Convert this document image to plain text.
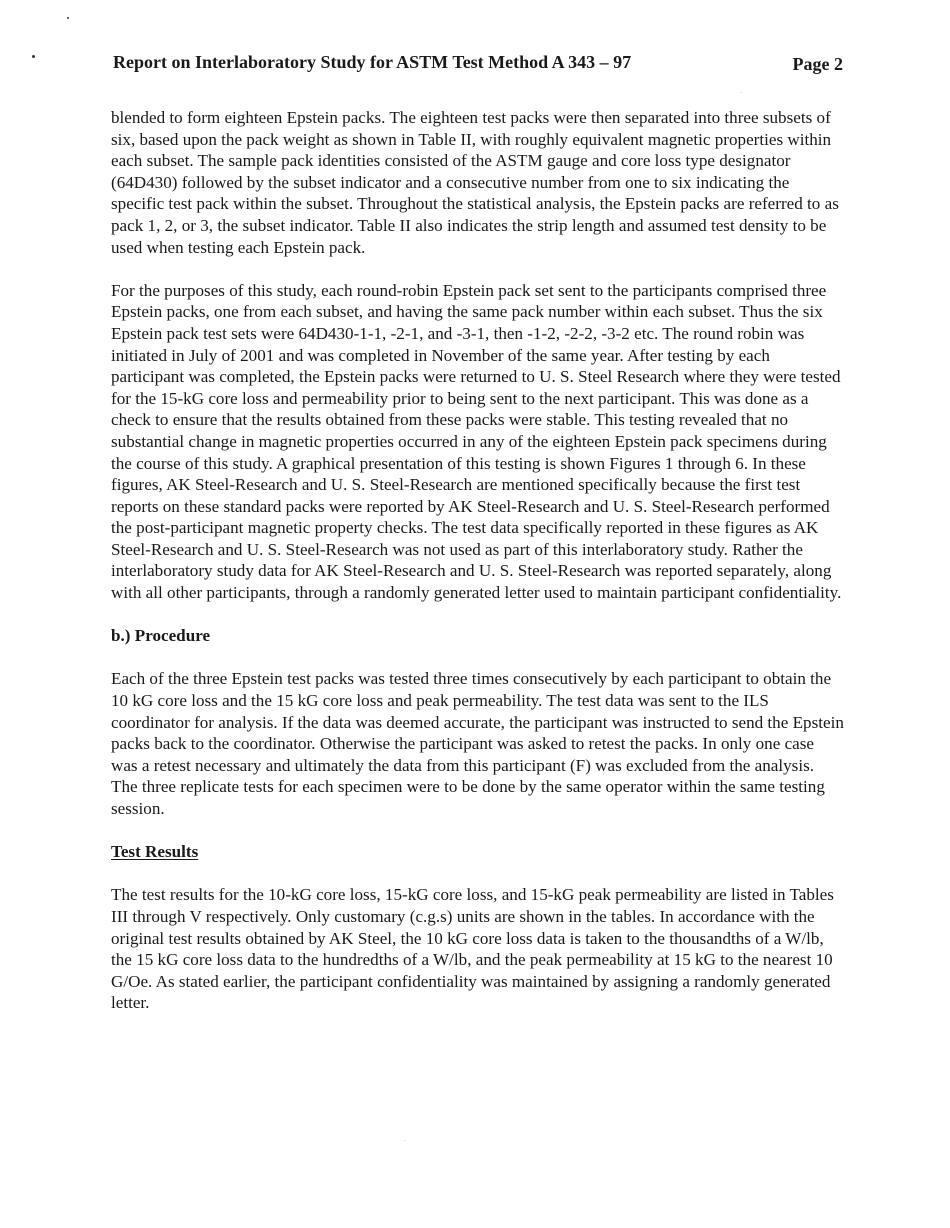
Report on Interlaboratory Study for ASTM Test Method A 343 – 97	Page 2

blended to form eighteen Epstein packs. The eighteen test packs were then separated into three subsets of six, based upon the pack weight as shown in Table II, with roughly equivalent magnetic properties within each subset. The sample pack identities consisted of the ASTM gauge and core loss type designator (64D430) followed by the subset indicator and a consecutive number from one to six indicating the specific test pack within the subset. Throughout the statistical analysis, the Epstein packs are referred to as pack 1, 2, or 3, the subset indicator. Table II also indicates the strip length and assumed test density to be used when testing each Epstein pack.

For the purposes of this study, each round-robin Epstein pack set sent to the participants comprised three Epstein packs, one from each subset, and having the same pack number within each subset. Thus the six Epstein pack test sets were 64D430-1-1, -2-1, and -3-1, then -1-2, -2-2, -3-2 etc. The round robin was initiated in July of 2001 and was completed in November of the same year. After testing by each participant was completed, the Epstein packs were returned to U. S. Steel Research where they were tested for the 15-kG core loss and permeability prior to being sent to the next participant. This was done as a check to ensure that the results obtained from these packs were stable. This testing revealed that no substantial change in magnetic properties occurred in any of the eighteen Epstein pack specimens during the course of this study. A graphical presentation of this testing is shown Figures 1 through 6. In these figures, AK Steel-Research and U. S. Steel-Research are mentioned specifically because the first test reports on these standard packs were reported by AK Steel-Research and U. S. Steel-Research performed the post-participant magnetic property checks. The test data specifically reported in these figures as AK Steel-Research and U. S. Steel-Research was not used as part of this interlaboratory study. Rather the interlaboratory study data for AK Steel-Research and U. S. Steel-Research was reported separately, along with all other participants, through a randomly generated letter used to maintain participant confidentiality.

b.) Procedure

Each of the three Epstein test packs was tested three times consecutively by each participant to obtain the 10 kG core loss and the 15 kG core loss and peak permeability. The test data was sent to the ILS coordinator for analysis. If the data was deemed accurate, the participant was instructed to send the Epstein packs back to the coordinator. Otherwise the participant was asked to retest the packs. In only one case was a retest necessary and ultimately the data from this participant (F) was excluded from the analysis. The three replicate tests for each specimen were to be done by the same operator within the same testing session.

Test Results

The test results for the 10-kG core loss, 15-kG core loss, and 15-kG peak permeability are listed in Tables III through V respectively. Only customary (c.g.s) units are shown in the tables. In accordance with the original test results obtained by AK Steel, the 10 kG core loss data is taken to the thousandths of a W/lb, the 15 kG core loss data to the hundredths of a W/lb, and the peak permeability at 15 kG to the nearest 10 G/Oe. As stated earlier, the participant confidentiality was maintained by assigning a randomly generated letter.
